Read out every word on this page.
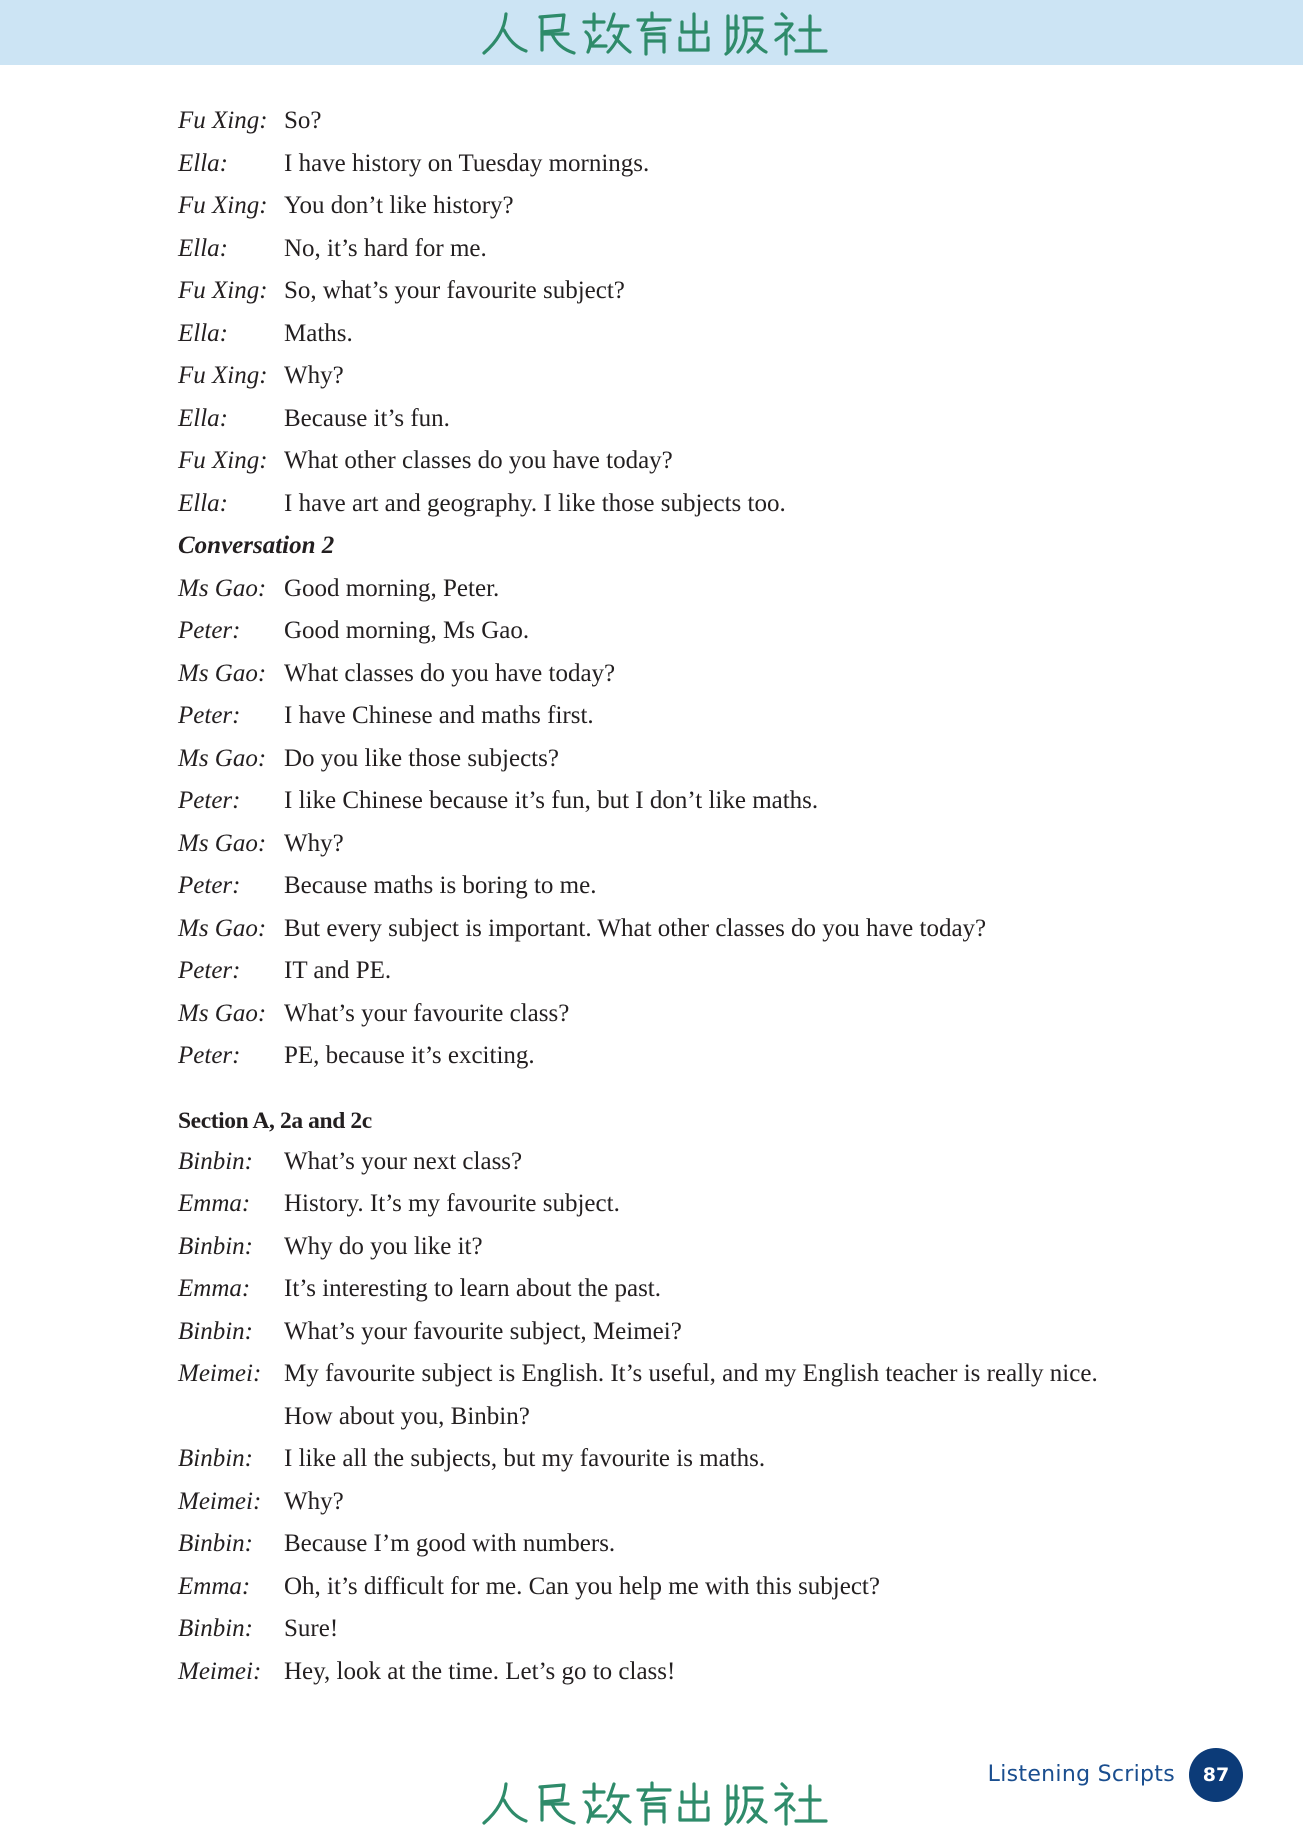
Fu Xing: So?
Ella:	I have history on Tuesday mornings.
Fu Xing: You don’t like history?
Ella:	No, it’s hard for me.
Fu Xing: So, what’s your favourite subject?
Ella:	Maths.
Fu Xing: Why?
Ella:	Because it’s fun.
Fu Xing: What other classes do you have today?
Ella:	I have art and geography. I like those subjects too.
Conversation 2
Ms Gao: Good morning, Peter.
Peter:	Good morning, Ms Gao.
Ms Gao: What classes do you have today?
Peter:	I have Chinese and maths first.
Ms Gao: Do you like those subjects?
Peter:	I like Chinese because it’s fun, but I don’t like maths.
Ms Gao: Why?
Peter:	Because maths is boring to me.
Ms Gao: But every subject is important. What other classes do you have today?
Peter:	IT and PE.
Ms Gao: What’s your favourite class?
Peter:	PE, because it’s exciting.
Section A, 2a and 2c
Binbin:	What’s your next class?
Emma:	History. It’s my favourite subject.
Binbin:	Why do you like it?
Emma:	It’s interesting to learn about the past.
Binbin:	What’s your favourite subject, Meimei?
Meimei: My favourite subject is English. It’s useful, and my English teacher is really nice.
How about you, Binbin?
Binbin:	I like all the subjects, but my favourite is maths.
Meimei: Why?
Binbin:	Because I’m good with numbers.
Emma:	Oh, it’s difficult for me. Can you help me with this subject?
Binbin:	Sure!
Meimei: Hey, look at the time. Let’s go to class!
Listening Scripts	87
